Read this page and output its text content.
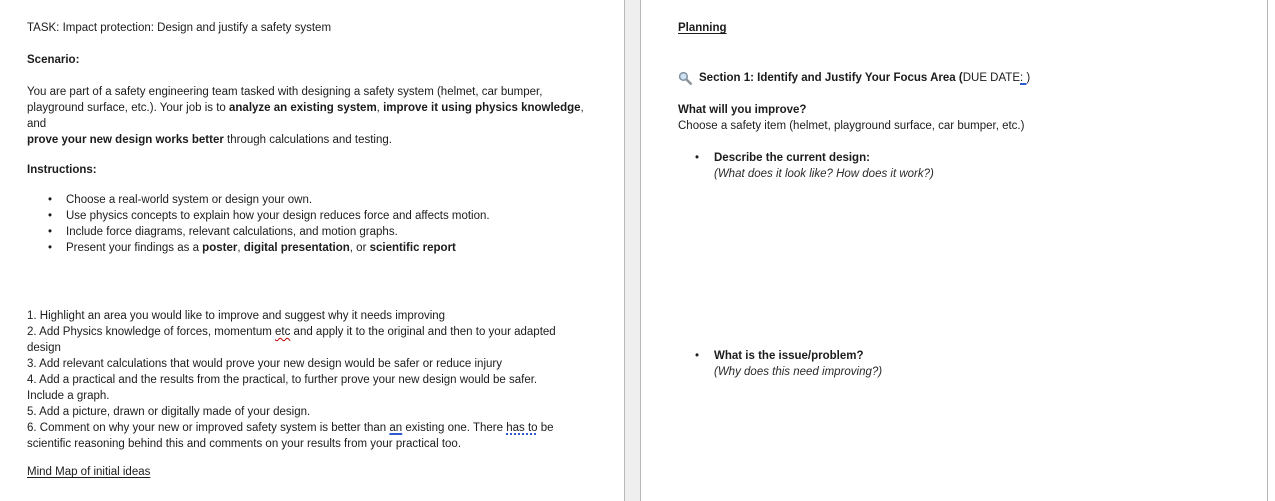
TASK: Impact protection: Design and justify a safety system
Scenario:
You are part of a safety engineering team tasked with designing a safety system (helmet, car bumper,
playground surface, etc.). Your job is to analyze an existing system, improve it using physics knowledge, and
prove your new design works better through calculations and testing.
Instructions:
• Choose a real-world system or design your own.
• Use physics concepts to explain how your design reduces force and affects motion.
• Include force diagrams, relevant calculations, and motion graphs.
• Present your findings as a poster, digital presentation, or scientific report
1. Highlight an area you would like to improve and suggest why it needs improving
2. Add Physics knowledge of forces, momentum etc and apply it to the original and then to your adapted
design
3. Add relevant calculations that would prove your new design would be safer or reduce injury
4. Add a practical and the results from the practical, to further prove your new design would be safer.
Include a graph.
5. Add a picture, drawn or digitally made of your design.
6. Comment on why your new or improved safety system is better than an existing one. There has to be
scientific reasoning behind this and comments on your results from your practical too.
Mind Map of initial ideas
Planning
Section 1: Identify and Justify Your Focus Area (DUE DATE: )
What will you improve?
Choose a safety item (helmet, playground surface, car bumper, etc.)
• Describe the current design:
(What does it look like? How does it work?)
• What is the issue/problem?
(Why does this need improving?)
